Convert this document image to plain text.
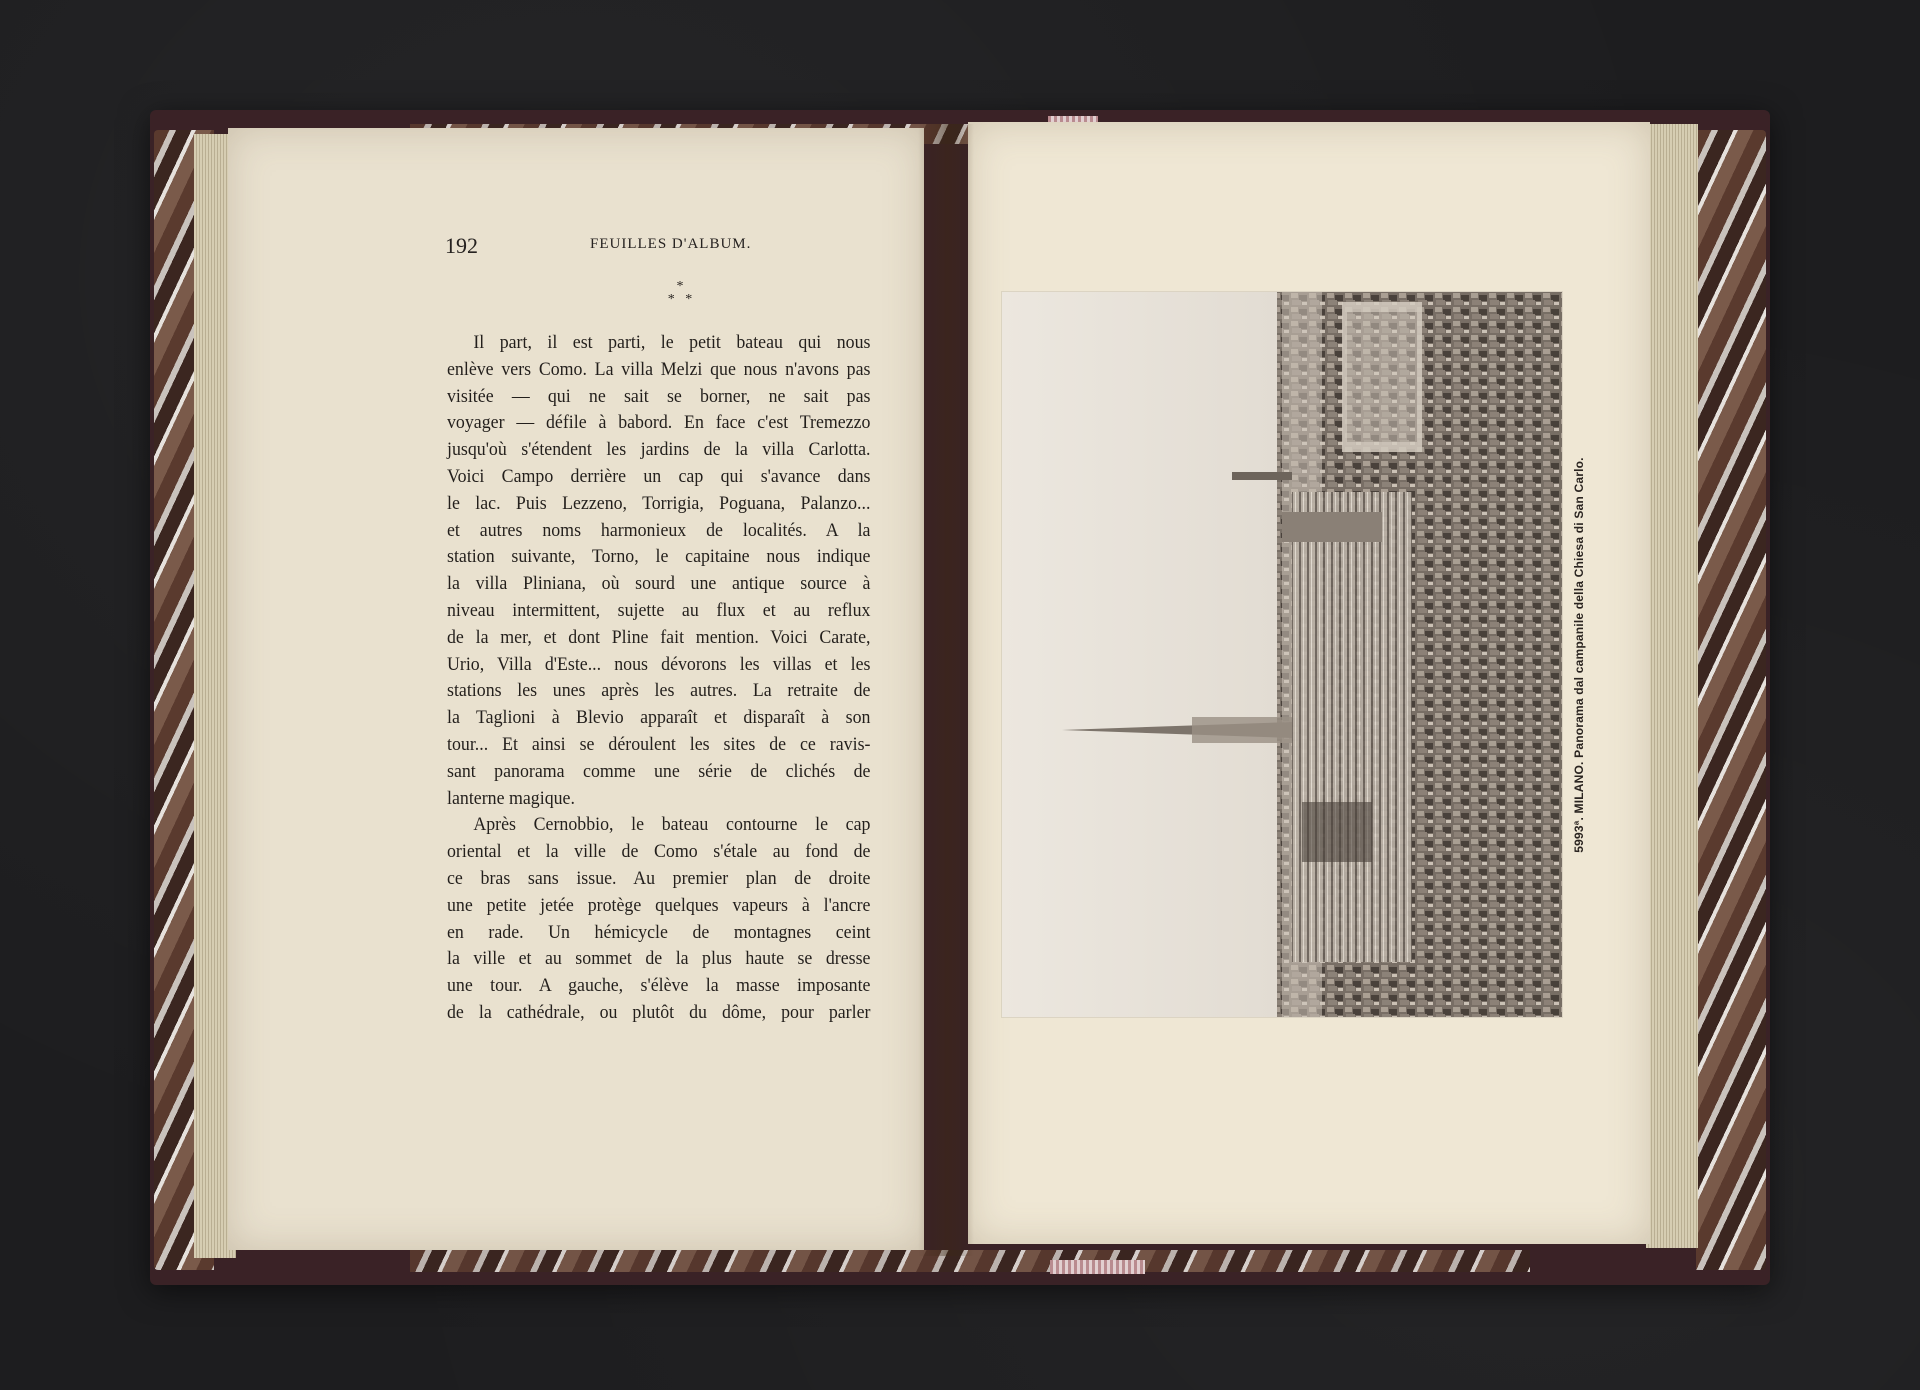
192	FEUILLES D'ALBUM.
*
*   *
Il part, il est parti, le petit bateau qui nous
enlève vers Como. La villa Melzi que nous n'avons pas
visitée — qui ne sait se borner, ne sait pas
voyager — défile à babord. En face c'est Tremezzo
jusqu'où s'étendent les jardins de la villa Carlotta.
Voici Campo derrière un cap qui s'avance dans
le lac. Puis Lezzeno, Torrigia, Poguana, Palanzo...
et autres noms harmonieux de localités. A la
station suivante, Torno, le capitaine nous indique
la villa Pliniana, où sourd une antique source à
niveau intermittent, sujette au flux et au reflux
de la mer, et dont Pline fait mention. Voici Carate,
Urio, Villa d'Este... nous dévorons les villas et les
stations les unes après les autres. La retraite de
la Taglioni à Blevio apparaît et disparaît à son
tour... Et ainsi se déroulent les sites de ce ravis-
sant panorama comme une série de clichés de
lanterne magique.
Après Cernobbio, le bateau contourne le cap
oriental et la ville de Como s'étale au fond de
ce bras sans issue. Au premier plan de droite
une petite jetée protège quelques vapeurs à l'ancre
en rade. Un hémicycle de montagnes ceint
la ville et au sommet de la plus haute se dresse
une tour. A gauche, s'élève la masse imposante
de la cathédrale, ou plutôt du dôme, pour parler
5993ª. MILANO. Panorama dal campanile della Chiesa di San Carlo.
